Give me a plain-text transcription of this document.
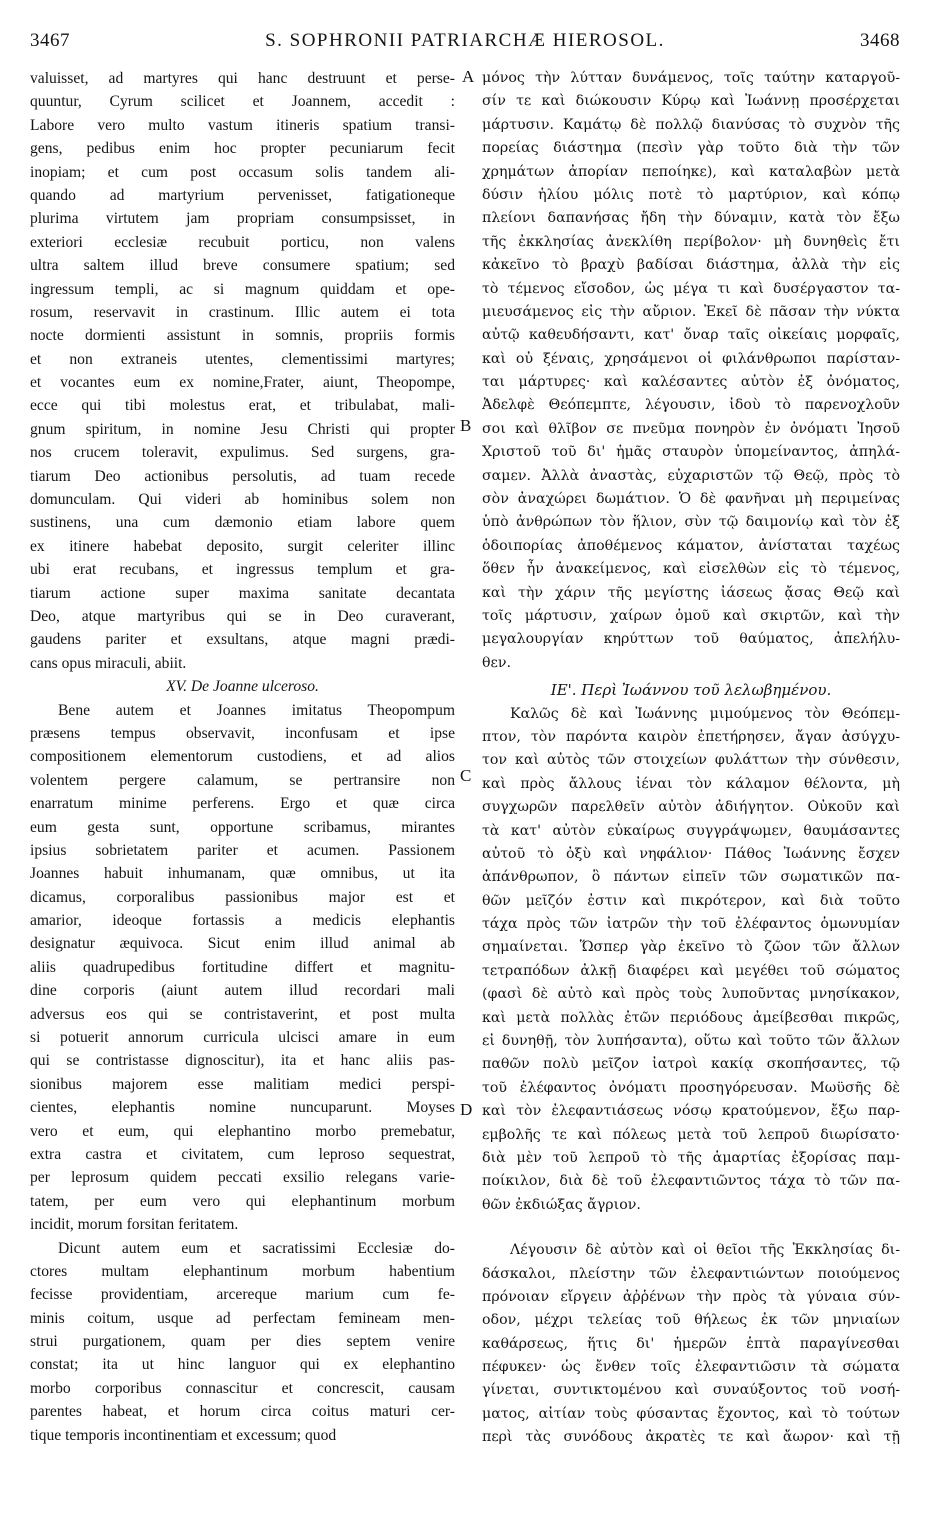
3467	S. SOPHRONII PATRIARCHÆ HIEROSOL.	3468
valuisset, ad martyres qui hanc destruunt et perse-
quuntur, Cyrum scilicet et Joannem, accedit :
Labore vero multo vastum itineris spatium transi-
gens, pedibus enim hoc propter pecuniarum fecit
inopiam; et cum post occasum solis tandem ali-
quando ad martyrium pervenisset, fatigationeque
plurima virtutem jam propriam consumpsisset, in
exteriori ecclesiæ recubuit porticu, non valens
ultra saltem illud breve consumere spatium; sed
ingressum templi, ac si magnum quiddam et ope-
rosum, reservavit in crastinum. Illic autem ei tota
nocte dormienti assistunt in somnis, propriis formis
et non extraneis utentes, clementissimi martyres;
et vocantes eum ex nomine,Frater, aiunt, Theopompe,
ecce qui tibi molestus erat, et tribulabat, mali-
gnum spiritum, in nomine Jesu Christi qui propter
nos crucem toleravit, expulimus. Sed surgens, gra-
tiarum Deo actionibus persolutis, ad tuam recede
domunculam. Qui videri ab hominibus solem non
sustinens, una cum dæmonio etiam labore quem
ex itinere habebat deposito, surgit celeriter illinc
ubi erat recubans, et ingressus templum et gra-
tiarum actione super maxima sanitate decantata
Deo, atque martyribus qui se in Deo curaverant,
gaudens pariter et exsultans, atque magni prædi-
cans opus miraculi, abiit.
XV. De Joanne ulceroso.
Bene autem et Joannes imitatus Theopompum
præsens tempus observavit, inconfusam et ipse
compositionem elementorum custodiens, et ad alios
volentem pergere calamum, se pertransire non
enarratum minime perferens. Ergo et quæ circa
eum gesta sunt, opportune scribamus, mirantes
ipsius sobrietatem pariter et acumen. Passionem
Joannes habuit inhumanam, quæ omnibus, ut ita
dicamus, corporalibus passionibus major est et
amarior, ideoque fortassis a medicis elephantis
designatur æquivoca. Sicut enim illud animal ab
aliis quadrupedibus fortitudine differt et magnitu-
dine corporis (aiunt autem illud recordari mali
adversus eos qui se contristaverint, et post multa
si potuerit annorum curricula ulcisci amare in eum
qui se contristasse dignoscitur), ita et hanc aliis pas-
sionibus majorem esse malitiam medici perspi-
cientes, elephantis nomine nuncuparunt. Moyses
vero et eum, qui elephantino morbo premebatur,
extra castra et civitatem, cum leproso sequestrat,
per leprosum quidem peccati exsilio relegans varie-
tatem, per eum vero qui elephantinum morbum
incidit, morum forsitan feritatem.
Dicunt autem eum et sacratissimi Ecclesiæ do-
ctores multam elephantinum morbum habentium
fecisse providentiam, arcereque marium cum fe-
minis coitum, usque ad perfectam femineam men-
strui purgationem, quam per dies septem venire
constat; ita ut hinc languor qui ex elephantino
morbo corporibus connascitur et concrescit, causam
parentes habeat, et horum circa coitus maturi cer-
tique temporis incontinentiam et excessum; quod
μόνος τὴν λύτταν δυνάμενος, τοῖς ταύτην καταργοῦ-
σίν τε καὶ διώκουσιν Κύρῳ καὶ Ἰωάννῃ προσέρχεται
μάρτυσιν. Καμάτῳ δὲ πολλῷ διανύσας τὸ συχνὸν τῆς
πορείας διάστημα (πεσὶν γὰρ τοῦτο διὰ τὴν τῶν
χρημάτων ἀπορίαν πεποίηκε), καὶ καταλαβὼν μετὰ
δύσιν ἡλίου μόλις ποτὲ τὸ μαρτύριον, καὶ κόπῳ
πλείονι δαπανήσας ἤδη τὴν δύναμιν, κατὰ τὸν ἔξω
τῆς ἐκκλησίας ἀνεκλίθη περίβολον· μὴ δυνηθεὶς ἔτι
κἀκεῖνο τὸ βραχὺ βαδίσαι διάστημα, ἀλλὰ τὴν εἰς
τὸ τέμενος εἴσοδον, ὡς μέγα τι καὶ δυσέργαστον τα-
μιευσάμενος εἰς τὴν αὔριον. Ἐκεῖ δὲ πᾶσαν τὴν νύκτα
αὐτῷ καθευδήσαντι, κατ' ὄναρ ταῖς οἰκείαις μορφαῖς,
καὶ οὐ ξέναις, χρησάμενοι οἱ φιλάνθρωποι παρίσταν-
ται μάρτυρες· καὶ καλέσαντες αὐτὸν ἐξ ὀνόματος,
Ἀδελφὲ Θεόπεμπτε, λέγουσιν, ἰδοὺ τὸ παρενοχλοῦν
σοι καὶ θλῖβον σε πνεῦμα πονηρὸν ἐν ὀνόματι Ἰησοῦ
Χριστοῦ τοῦ δι' ἡμᾶς σταυρὸν ὑπομείναντος, ἀπηλά-
σαμεν. Ἀλλὰ ἀναστὰς, εὐχαριστῶν τῷ Θεῷ, πρὸς τὸ
σὸν ἀναχώρει δωμάτιον. Ὁ δὲ φανῆναι μὴ περιμείνας
ὑπὸ ἀνθρώπων τὸν ἥλιον, σὺν τῷ δαιμονίῳ καὶ τὸν ἐξ
ὁδοιπορίας ἀποθέμενος κάματον, ἀνίσταται ταχέως
ὅθεν ἦν ἀνακείμενος, καὶ εἰσελθὼν εἰς τὸ τέμενος,
καὶ τὴν χάριν τῆς μεγίστης ἰάσεως ᾄσας Θεῷ καὶ
τοῖς μάρτυσιν, χαίρων ὁμοῦ καὶ σκιρτῶν, καὶ τὴν
μεγαλουργίαν κηρύττων τοῦ θαύματος, ἀπελήλυ-
θεν.
ΙΕ'. Περὶ Ἰωάννου τοῦ λελωβημένου.
Καλῶς δὲ καὶ Ἰωάννης μιμούμενος τὸν Θεόπεμ-
πτον, τὸν παρόντα καιρὸν ἐπετήρησεν, ἄγαν ἀσύγχυ-
τον καὶ αὐτὸς τῶν στοιχείων φυλάττων τὴν σύνθεσιν,
καὶ πρὸς ἄλλους ἰέναι τὸν κάλαμον θέλοντα, μὴ
συγχωρῶν παρελθεῖν αὐτὸν ἀδιήγητον. Οὐκοῦν καὶ
τὰ κατ' αὐτὸν εὐκαίρως συγγράψωμεν, θαυμάσαντες
αὐτοῦ τὸ ὀξὺ καὶ νηφάλιον· Πάθος Ἰωάννης ἔσχεν
ἀπάνθρωπον, ὃ πάντων εἰπεῖν τῶν σωματικῶν πα-
θῶν μεῖζόν ἐστιν καὶ πικρότερον, καὶ διὰ τοῦτο
τάχα πρὸς τῶν ἰατρῶν τὴν τοῦ ἐλέφαντος ὁμωνυμίαν
σημαίνεται. Ὥσπερ γὰρ ἐκεῖνο τὸ ζῶον τῶν ἄλλων
τετραπόδων ἀλκῇ διαφέρει καὶ μεγέθει τοῦ σώματος
(φασὶ δὲ αὐτὸ καὶ πρὸς τοὺς λυποῦντας μνησίκακον,
καὶ μετὰ πολλὰς ἐτῶν περιόδους ἀμείβεσθαι πικρῶς,
εἰ δυνηθῇ, τὸν λυπήσαντα), οὕτω καὶ τοῦτο τῶν ἄλλων
παθῶν πολὺ μεῖζον ἰατροὶ κακίᾳ σκοπήσαντες, τῷ
τοῦ ἐλέφαντος ὀνόματι προσηγόρευσαν. Μωϋσῆς δὲ
καὶ τὸν ἐλεφαντιάσεως νόσῳ κρατούμενον, ἔξω παρ-
εμβολῆς τε καὶ πόλεως μετὰ τοῦ λεπροῦ διωρίσατο·
διὰ μὲν τοῦ λεπροῦ τὸ τῆς ἁμαρτίας ἐξορίσας παμ-
ποίκιλον, διὰ δὲ τοῦ ἐλεφαντιῶντος τάχα τὸ τῶν πα-
θῶν ἐκδιώξας ἄγριον.
Λέγουσιν δὲ αὐτὸν καὶ οἱ θεῖοι τῆς Ἐκκλησίας δι-
δάσκαλοι, πλείστην τῶν ἐλεφαντιώντων ποιούμενος
πρόνοιαν εἴργειν ἀῤῥένων τὴν πρὸς τὰ γύναια σύν-
οδον, μέχρι τελείας τοῦ θήλεως ἐκ τῶν μηνιαίων
καθάρσεως, ἥτις δι' ἡμερῶν ἑπτὰ παραγίνεσθαι
πέφυκεν· ὡς ἔνθεν τοῖς ἐλεφαντιῶσιν τὰ σώματα
γίνεται, συντικτομένου καὶ συναύξοντος τοῦ νοσή-
ματος, αἰτίαν τοὺς φύσαντας ἔχοντος, καὶ τὸ τούτων
περὶ τὰς συνόδους ἀκρατὲς τε καὶ ἄωρον· καὶ τῇ
A
B
C
D
